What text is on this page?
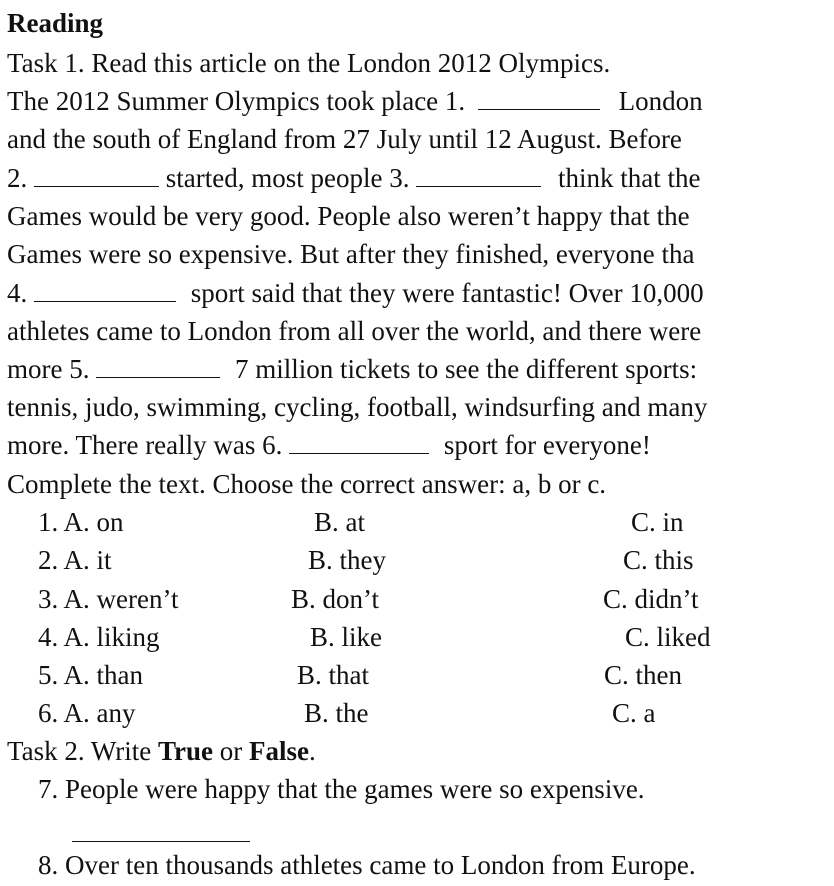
Reading
Task 1. Read this article on the London 2012 Olympics.
The 2012 Summer Olympics took place 1.	London
and the south of England from 27 July until 12 August. Before
2.	started, most people 3.	think that the
Games would be very good. People also weren’t happy that the
Games were so expensive. But after they finished, everyone tha
4.	sport said that they were fantastic! Over 10,000
athletes came to London from all over the world, and there were
more 5.	7 million tickets to see the different sports:
tennis, judo, swimming, cycling, football, windsurfing and many
more. There really was 6.	sport for everyone!
Complete the text. Choose the correct answer: a, b or c.
1. A. on	B. at	C. in
2. A. it	B. they	C. this
3. A. weren’t	B. don’t	C. didn’t
4. A. liking	B. like	C. liked
5. A. than	B. that	C. then
6. A. any	B. the	C. a
Task 2. Write True or False.
7. People were happy that the games were so expensive.
8. Over ten thousands athletes came to London from Europe.
